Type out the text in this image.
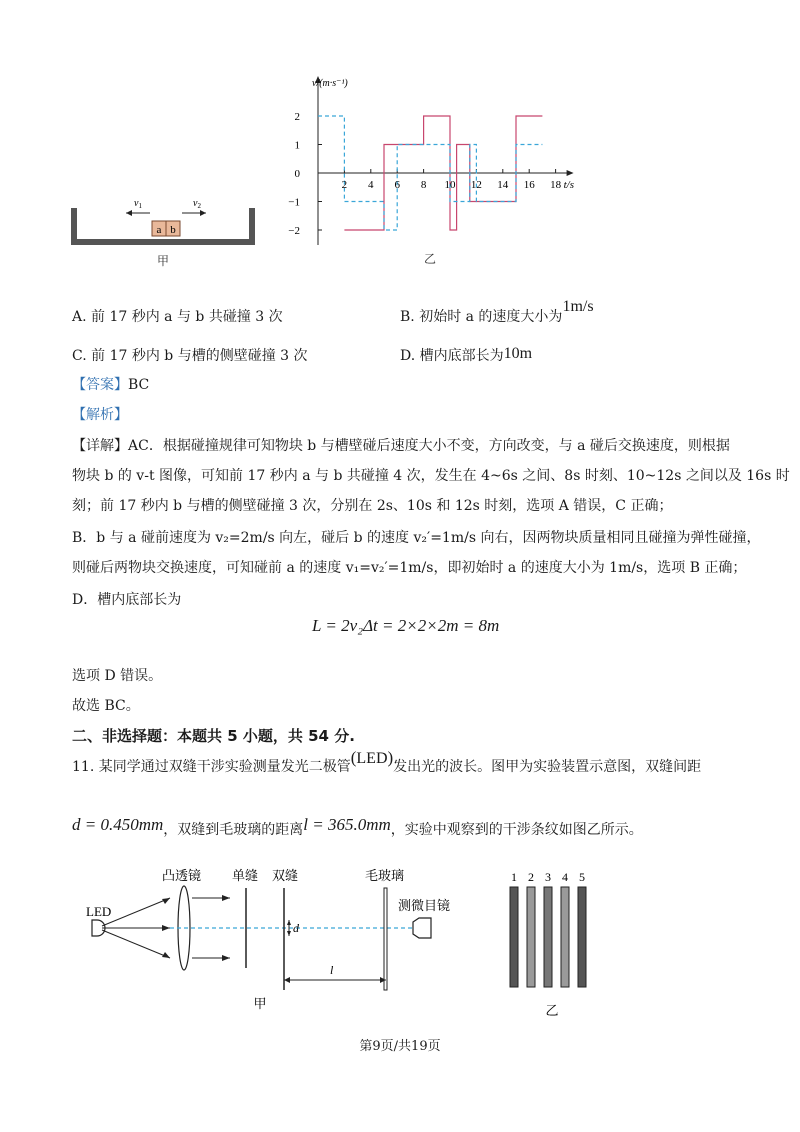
a b
$v_1$	$v_2$
甲
2
1
0
−1
−2
2 4 6 8 10 12 14 16 18
v/(m·s⁻¹)
t/s
乙
A. 前 17 秒内 a 与 b 共碰撞 3 次	B. 初始时 a 的速度大小为1m/s
C. 前 17 秒内 b 与槽的侧壁碰撞 3 次	D. 槽内底部长为10m
【答案】BC
【解析】
【详解】AC．根据碰撞规律可知物块 b 与槽壁碰后速度大小不变，方向改变，与 a 碰后交换速度，则根据
物块 b 的 v-t 图像，可知前 17 秒内 a 与 b 共碰撞 4 次，发生在 4~6s 之间、8s 时刻、10~12s 之间以及 16s 时
刻；前 17 秒内 b 与槽的侧壁碰撞 3 次，分别在 2s、10s 和 12s 时刻，选项 A 错误，C 正确；
B．b 与 a 碰前速度为 v₂=2m/s 向左，碰后 b 的速度 v₂′=1m/s 向右，因两物块质量相同且碰撞为弹性碰撞，
则碰后两物块交换速度，可知碰前 a 的速度 v₁=v₂′=1m/s，即初始时 a 的速度大小为 1m/s，选项 B 正确；
D．槽内底部长为
L = 2v₂Δt = 2×2×2m = 8m
选项 D 错误。
故选 BC。
二、非选择题：本题共 5 小题，共 54 分.
11. 某同学通过双缝干涉实验测量发光二极管(LED)发出光的波长。图甲为实验装置示意图，双缝间距
d = 0.450mm，双缝到毛玻璃的距离l = 365.0mm，实验中观察到的干涉条纹如图乙所示。
凸透镜 单缝 双缝	毛玻璃
测微目镜
LED
d
l
甲
1 2 3 4 5
乙
第9页/共19页
